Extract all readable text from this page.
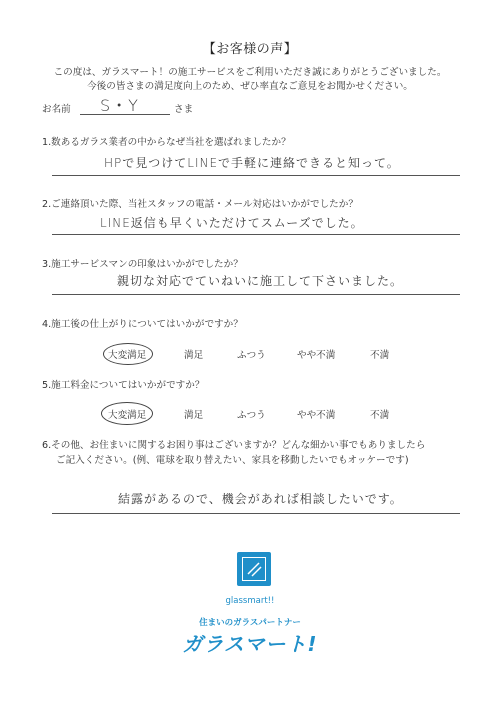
【お客様の声】
この度は、ガラスマート！の施工サービスをご利用いただき誠にありがとうございました。
今後の皆さまの満足度向上のため、ぜひ率直なご意見をお聞かせください。
お名前 S・Y	さま
1.数あるガラス業者の中からなぜ当社を選ばれましたか？
HPで見つけてLINEで手軽に連絡できると知って。
2.ご連絡頂いた際、当社スタッフの電話・メール対応はいかがでしたか？
LINE返信も早くいただけてスムーズでした。
3.施工サービスマンの印象はいかがでしたか？
親切な対応でていねいに施工して下さいました。
4.施工後の仕上がりについてはいかがですか？
大変満足	満足	ふつう	やや不満	不満
5.施工料金についてはいかがですか？
大変満足	満足	ふつう	やや不満	不満
6.その他、お住まいに関するお困り事はございますか？どんな細かい事でもありましたら
ご記入ください。(例、電球を取り替えたい、家具を移動したいでもオッケーです)
結露があるので、機会があれば相談したいです。
glassmart!!
住まいのガラスパートナー
ガラスマート!
